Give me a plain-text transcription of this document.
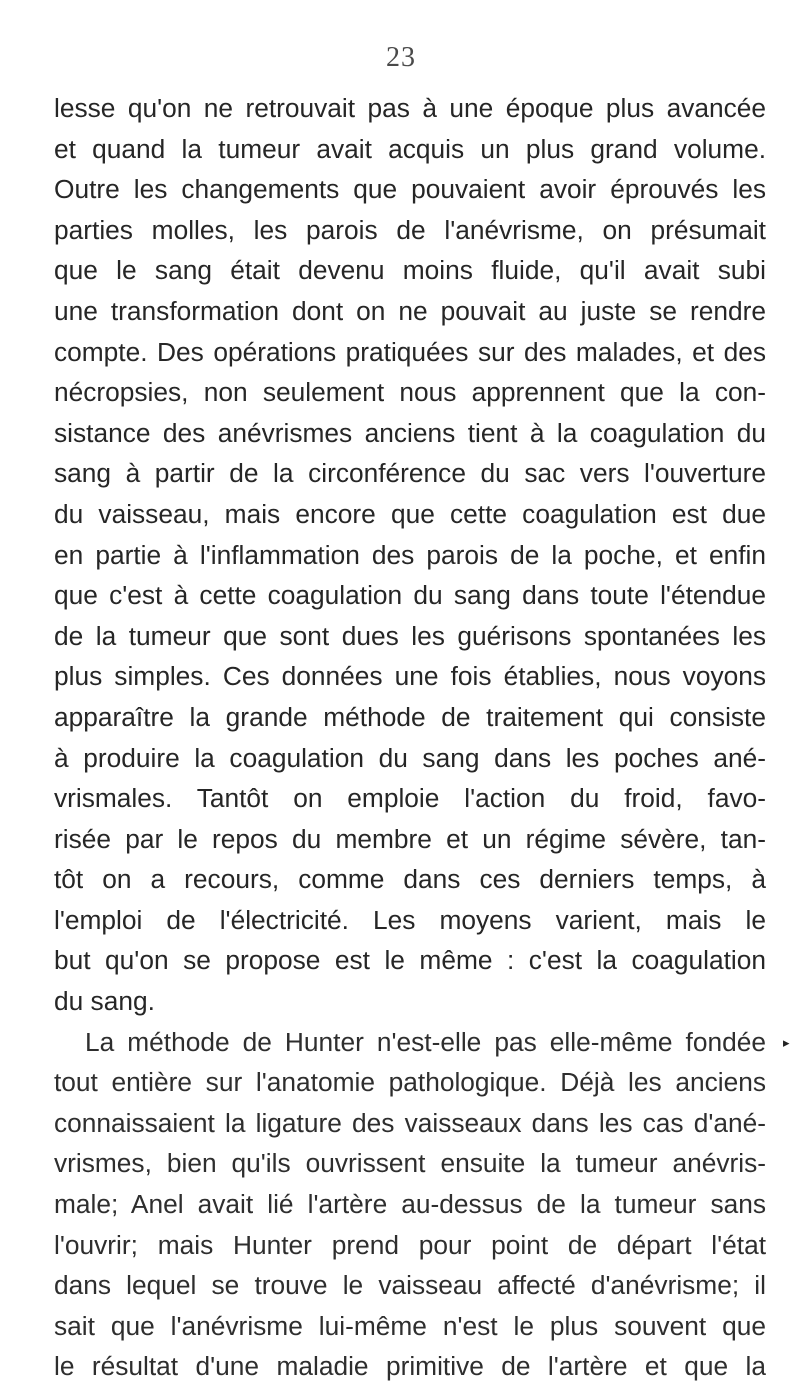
23
lesse qu'on ne retrouvait pas à une époque plus avancée
et quand la tumeur avait acquis un plus grand volume.
Outre les changements que pouvaient avoir éprouvés les
parties molles, les parois de l'anévrisme, on présumait
que le sang était devenu moins fluide, qu'il avait subi
une transformation dont on ne pouvait au juste se rendre
compte. Des opérations pratiquées sur des malades, et des
nécropsies, non seulement nous apprennent que la con-
sistance des anévrismes anciens tient à la coagulation du
sang à partir de la circonférence du sac vers l'ouverture
du vaisseau, mais encore que cette coagulation est due
en partie à l'inflammation des parois de la poche, et enfin
que c'est à cette coagulation du sang dans toute l'étendue
de la tumeur que sont dues les guérisons spontanées les
plus simples. Ces données une fois établies, nous voyons
apparaître la grande méthode de traitement qui consiste
à produire la coagulation du sang dans les poches ané-
vrismales. Tantôt on emploie l'action du froid, favo-
risée par le repos du membre et un régime sévère, tan-
tôt on a recours, comme dans ces derniers temps, à
l'emploi de l'électricité. Les moyens varient, mais le
but qu'on se propose est le même : c'est la coagulation
du sang.
La méthode de Hunter n'est-elle pas elle-même fondée
tout entière sur l'anatomie pathologique. Déjà les anciens
connaissaient la ligature des vaisseaux dans les cas d'ané-
vrismes, bien qu'ils ouvrissent ensuite la tumeur anévris-
male; Anel avait lié l'artère au-dessus de la tumeur sans
l'ouvrir; mais Hunter prend pour point de départ l'état
dans lequel se trouve le vaisseau affecté d'anévrisme; il
sait que l'anévrisme lui-même n'est le plus souvent que
le résultat d'une maladie primitive de l'artère et que la
▸
